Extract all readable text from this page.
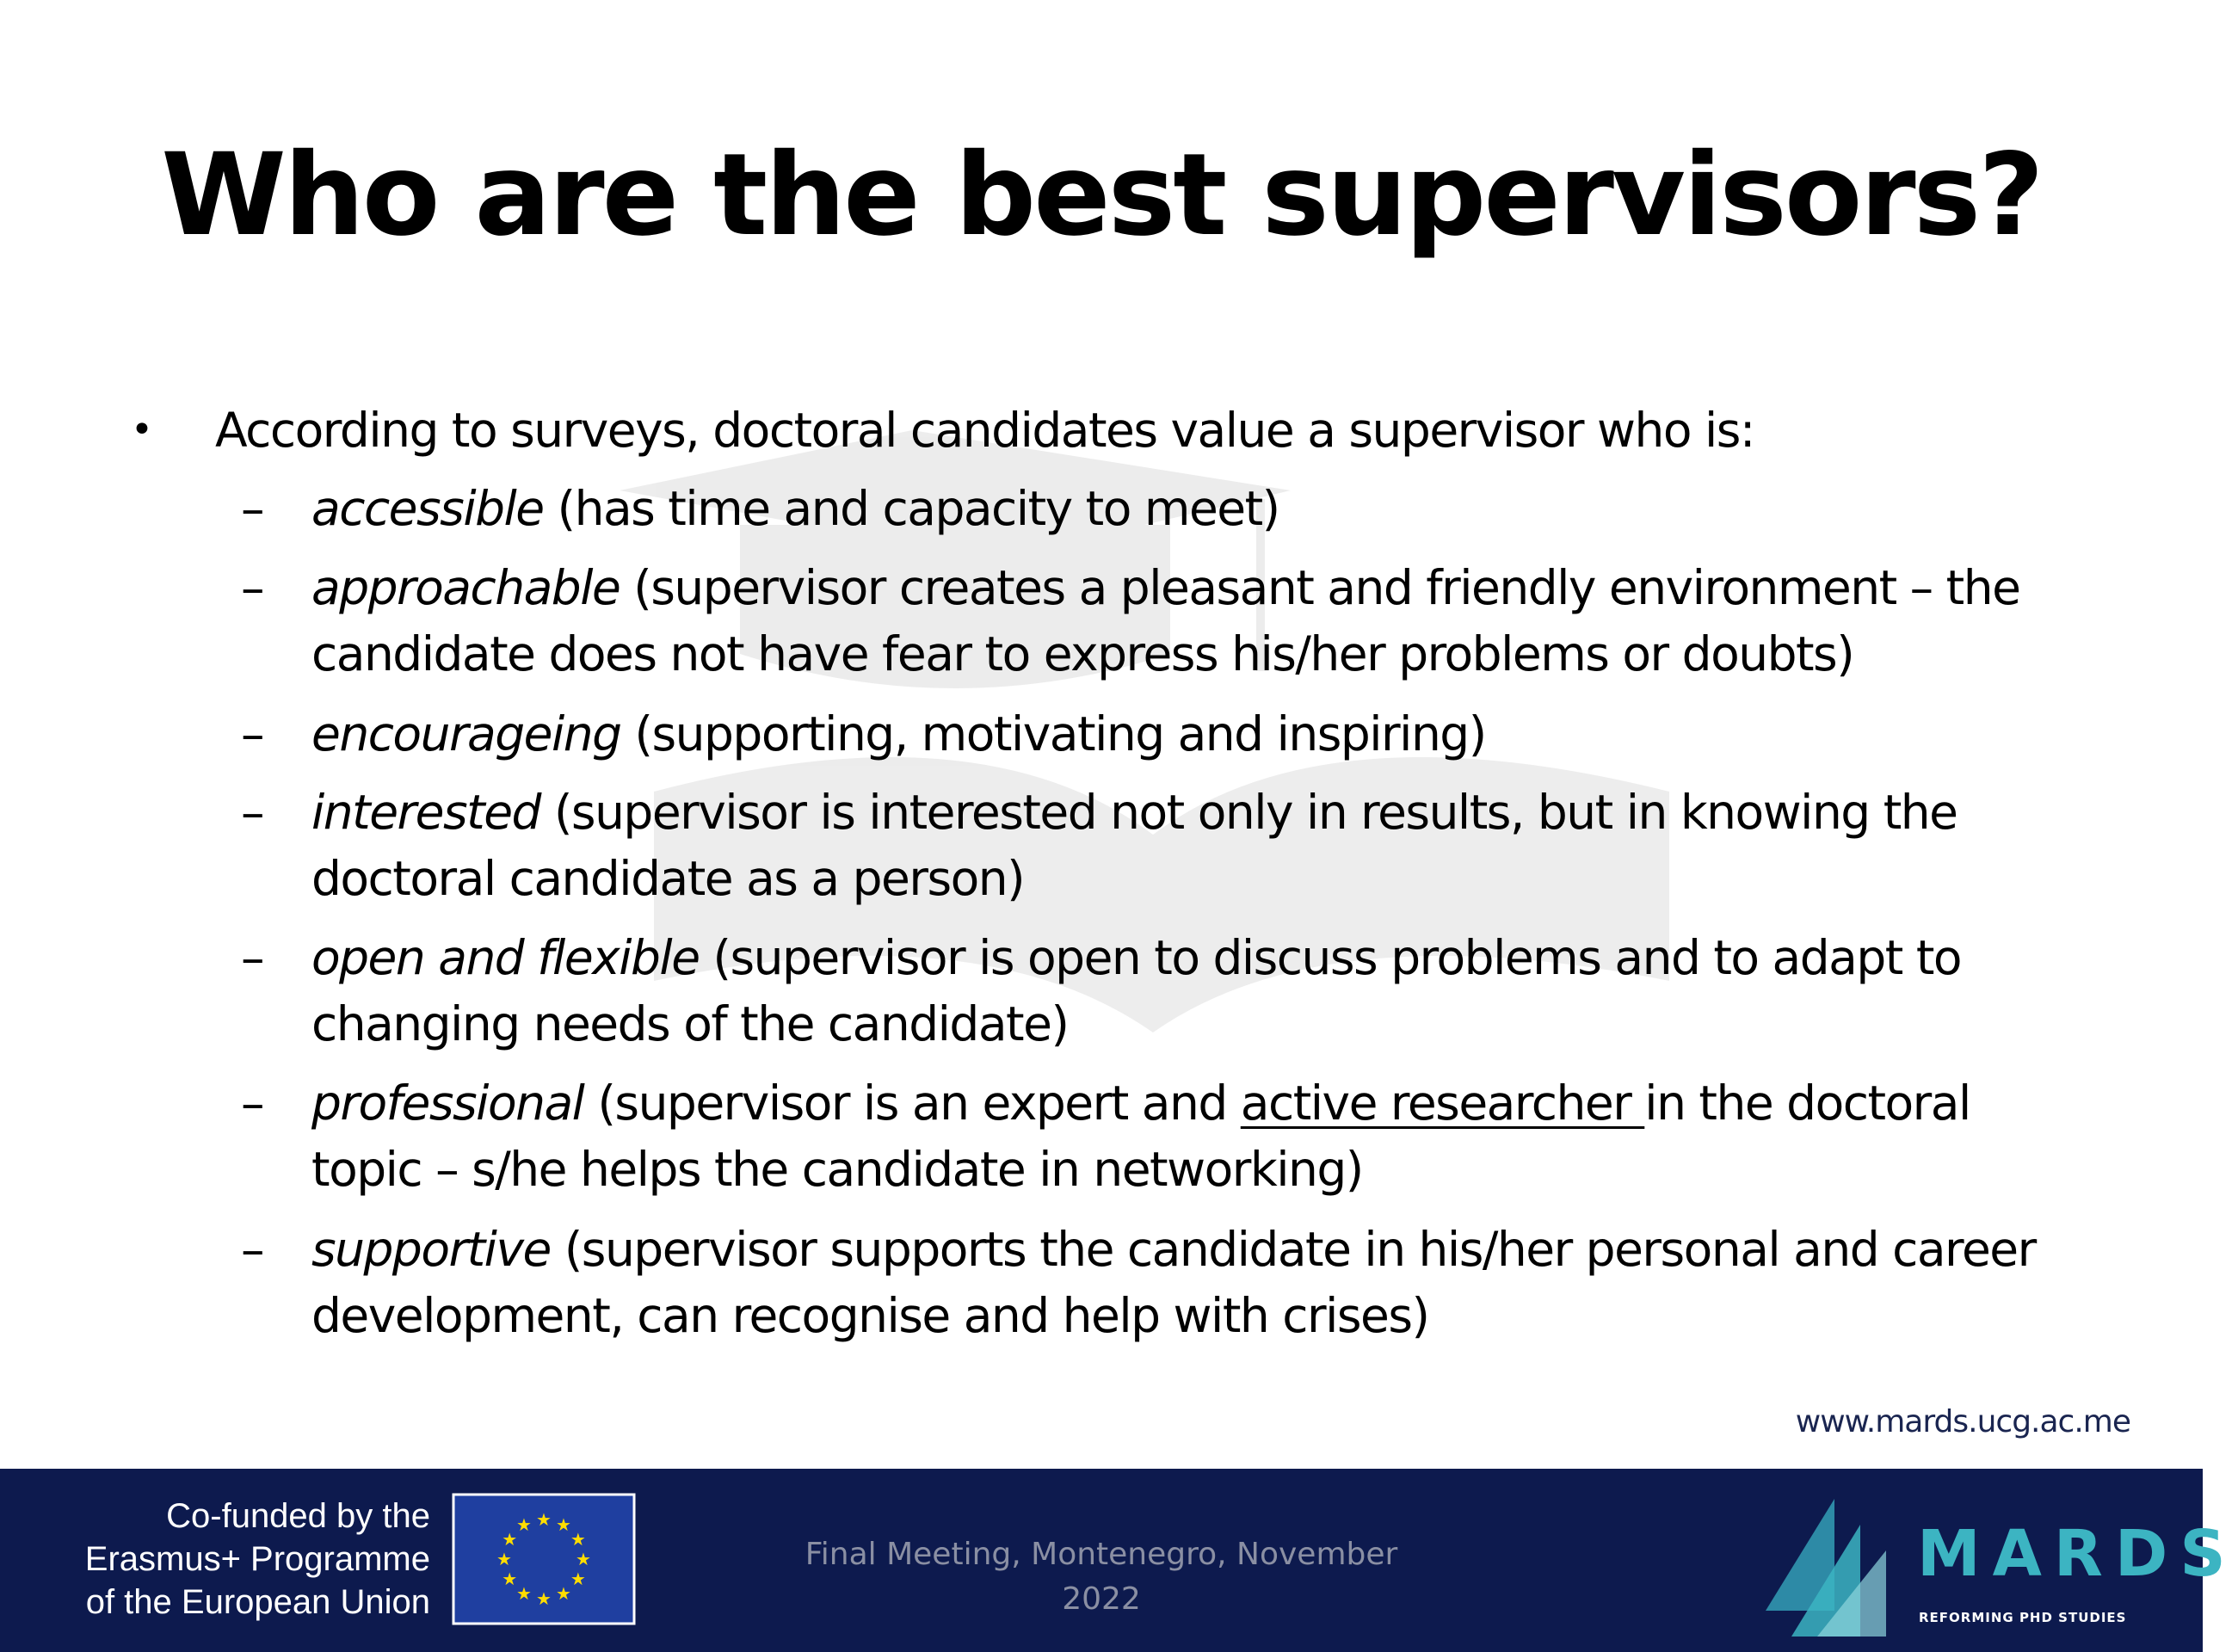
Who are the best supervisors?
• According to surveys, doctoral candidates value a supervisor who is:
– accessible (has time and capacity to meet)
– approachable (supervisor creates a pleasant and friendly environment – the candidate does not have fear to express his/her problems or doubts)
– encourageing (supporting, motivating and inspiring)
– interested (supervisor is interested not only in results, but in knowing the doctoral candidate as a person)
– open and flexible (supervisor is open to discuss problems and to adapt to changing needs of the candidate)
– professional (supervisor is an expert and active researcher in the doctoral topic – s/he helps the candidate in networking)
– supportive (supervisor supports the candidate in his/her personal and career development, can recognise and help with crises)
www.mards.ucg.ac.me
Co-funded by the
Erasmus+ Programme
of the European Union
★ ★
★
★
★
★
★
★
★
★
★
★
Final Meeting, Montenegro, November
2022
MARDS
REFORMING PHD STUDIES
